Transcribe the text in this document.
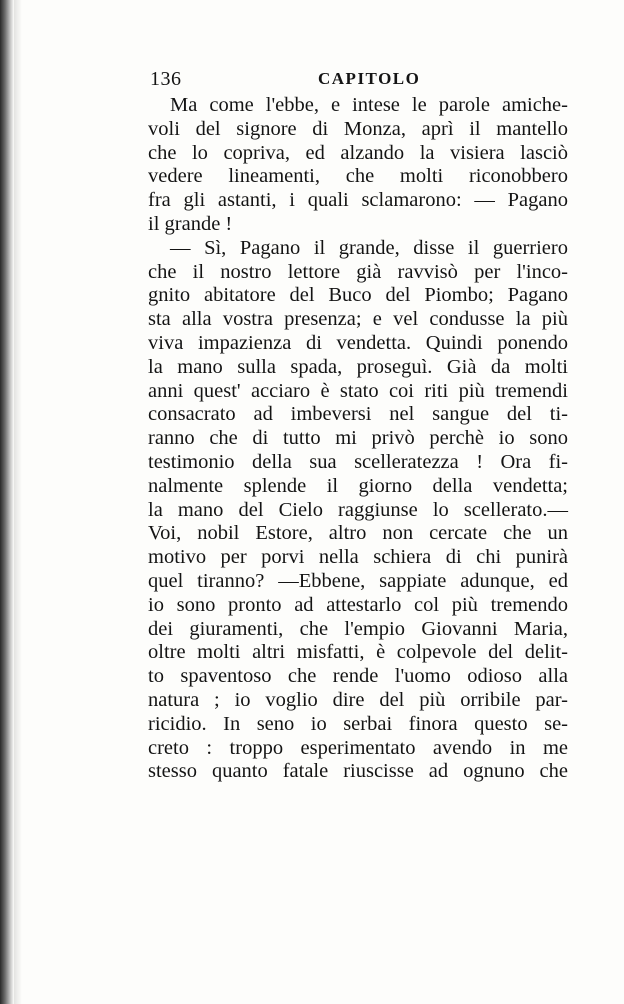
136	CAPITOLO
Ma come l'ebbe, e intese le parole amiche-
voli del signore di Monza, aprì il mantello
che lo copriva, ed alzando la visiera lasciò
vedere lineamenti, che molti riconobbero
fra gli astanti, i quali sclamarono: — Pagano
il grande !
— Sì, Pagano il grande, disse il guerriero
che il nostro lettore già ravvisò per l'inco-
gnito abitatore del Buco del Piombo; Pagano
sta alla vostra presenza; e vel condusse la più
viva impazienza di vendetta. Quindi ponendo
la mano sulla spada, proseguì. Già da molti
anni quest' acciaro è stato coi riti più tremendi
consacrato ad imbeversi nel sangue del ti-
ranno che di tutto mi privò perchè io sono
testimonio della sua scelleratezza ! Ora fi-
nalmente splende il giorno della vendetta;
la mano del Cielo raggiunse lo scellerato.—
Voi, nobil Estore, altro non cercate che un
motivo per porvi nella schiera di chi punirà
quel tiranno? —Ebbene, sappiate adunque, ed
io sono pronto ad attestarlo col più tremendo
dei giuramenti, che l'empio Giovanni Maria,
oltre molti altri misfatti, è colpevole del delit-
to spaventoso che rende l'uomo odioso alla
natura ; io voglio dire del più orribile par-
ricidio. In seno io serbai finora questo se-
creto : troppo esperimentato avendo in me
stesso quanto fatale riuscisse ad ognuno che
